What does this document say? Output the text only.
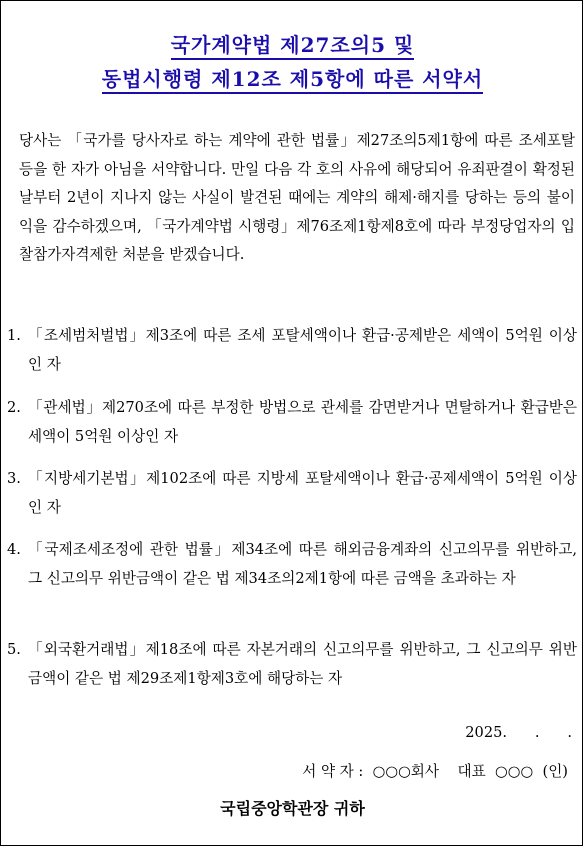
국가계약법 제27조의5 및
동법시행령 제12조 제5항에 따른 서약서
당사는 「국가를 당사자로 하는 계약에 관한 법률」제27조의5제1항에 따른 조세포탈 등을 한 자가 아님을 서약합니다. 만일 다음 각 호의 사유에 해당되어 유죄판결이 확정된 날부터 2년이 지나지 않는 사실이 발견된 때에는 계약의 해제·해지를 당하는 등의 불이익을 감수하겠으며, 「국가계약법 시행령」제76조제1항제8호에 따라 부정당업자의 입찰참가자격제한 처분을 받겠습니다.
1. 「조세범처벌법」제3조에 따른 조세 포탈세액이나 환급·공제받은 세액이 5억원 이상인 자
2. 「관세법」제270조에 따른 부정한 방법으로 관세를 감면받거나 면탈하거나 환급받은 세액이 5억원 이상인 자
3. 「지방세기본법」제102조에 따른 지방세 포탈세액이나 환급·공제세액이 5억원 이상인 자
4. 「국제조세조정에 관한 법률」제34조에 따른 해외금융계좌의 신고의무를 위반하고, 그 신고의무 위반금액이 같은 법 제34조의2제1항에 따른 금액을 초과하는 자
5. 「외국환거래법」제18조에 따른 자본거래의 신고의무를 위반하고, 그 신고의무 위반금액이 같은 법 제29조제1항제3호에 해당하는 자
2025.      .      .
서 약 자 :  ○○○회사    대표  ○○○  (인)
국립중앙학관장 귀하
